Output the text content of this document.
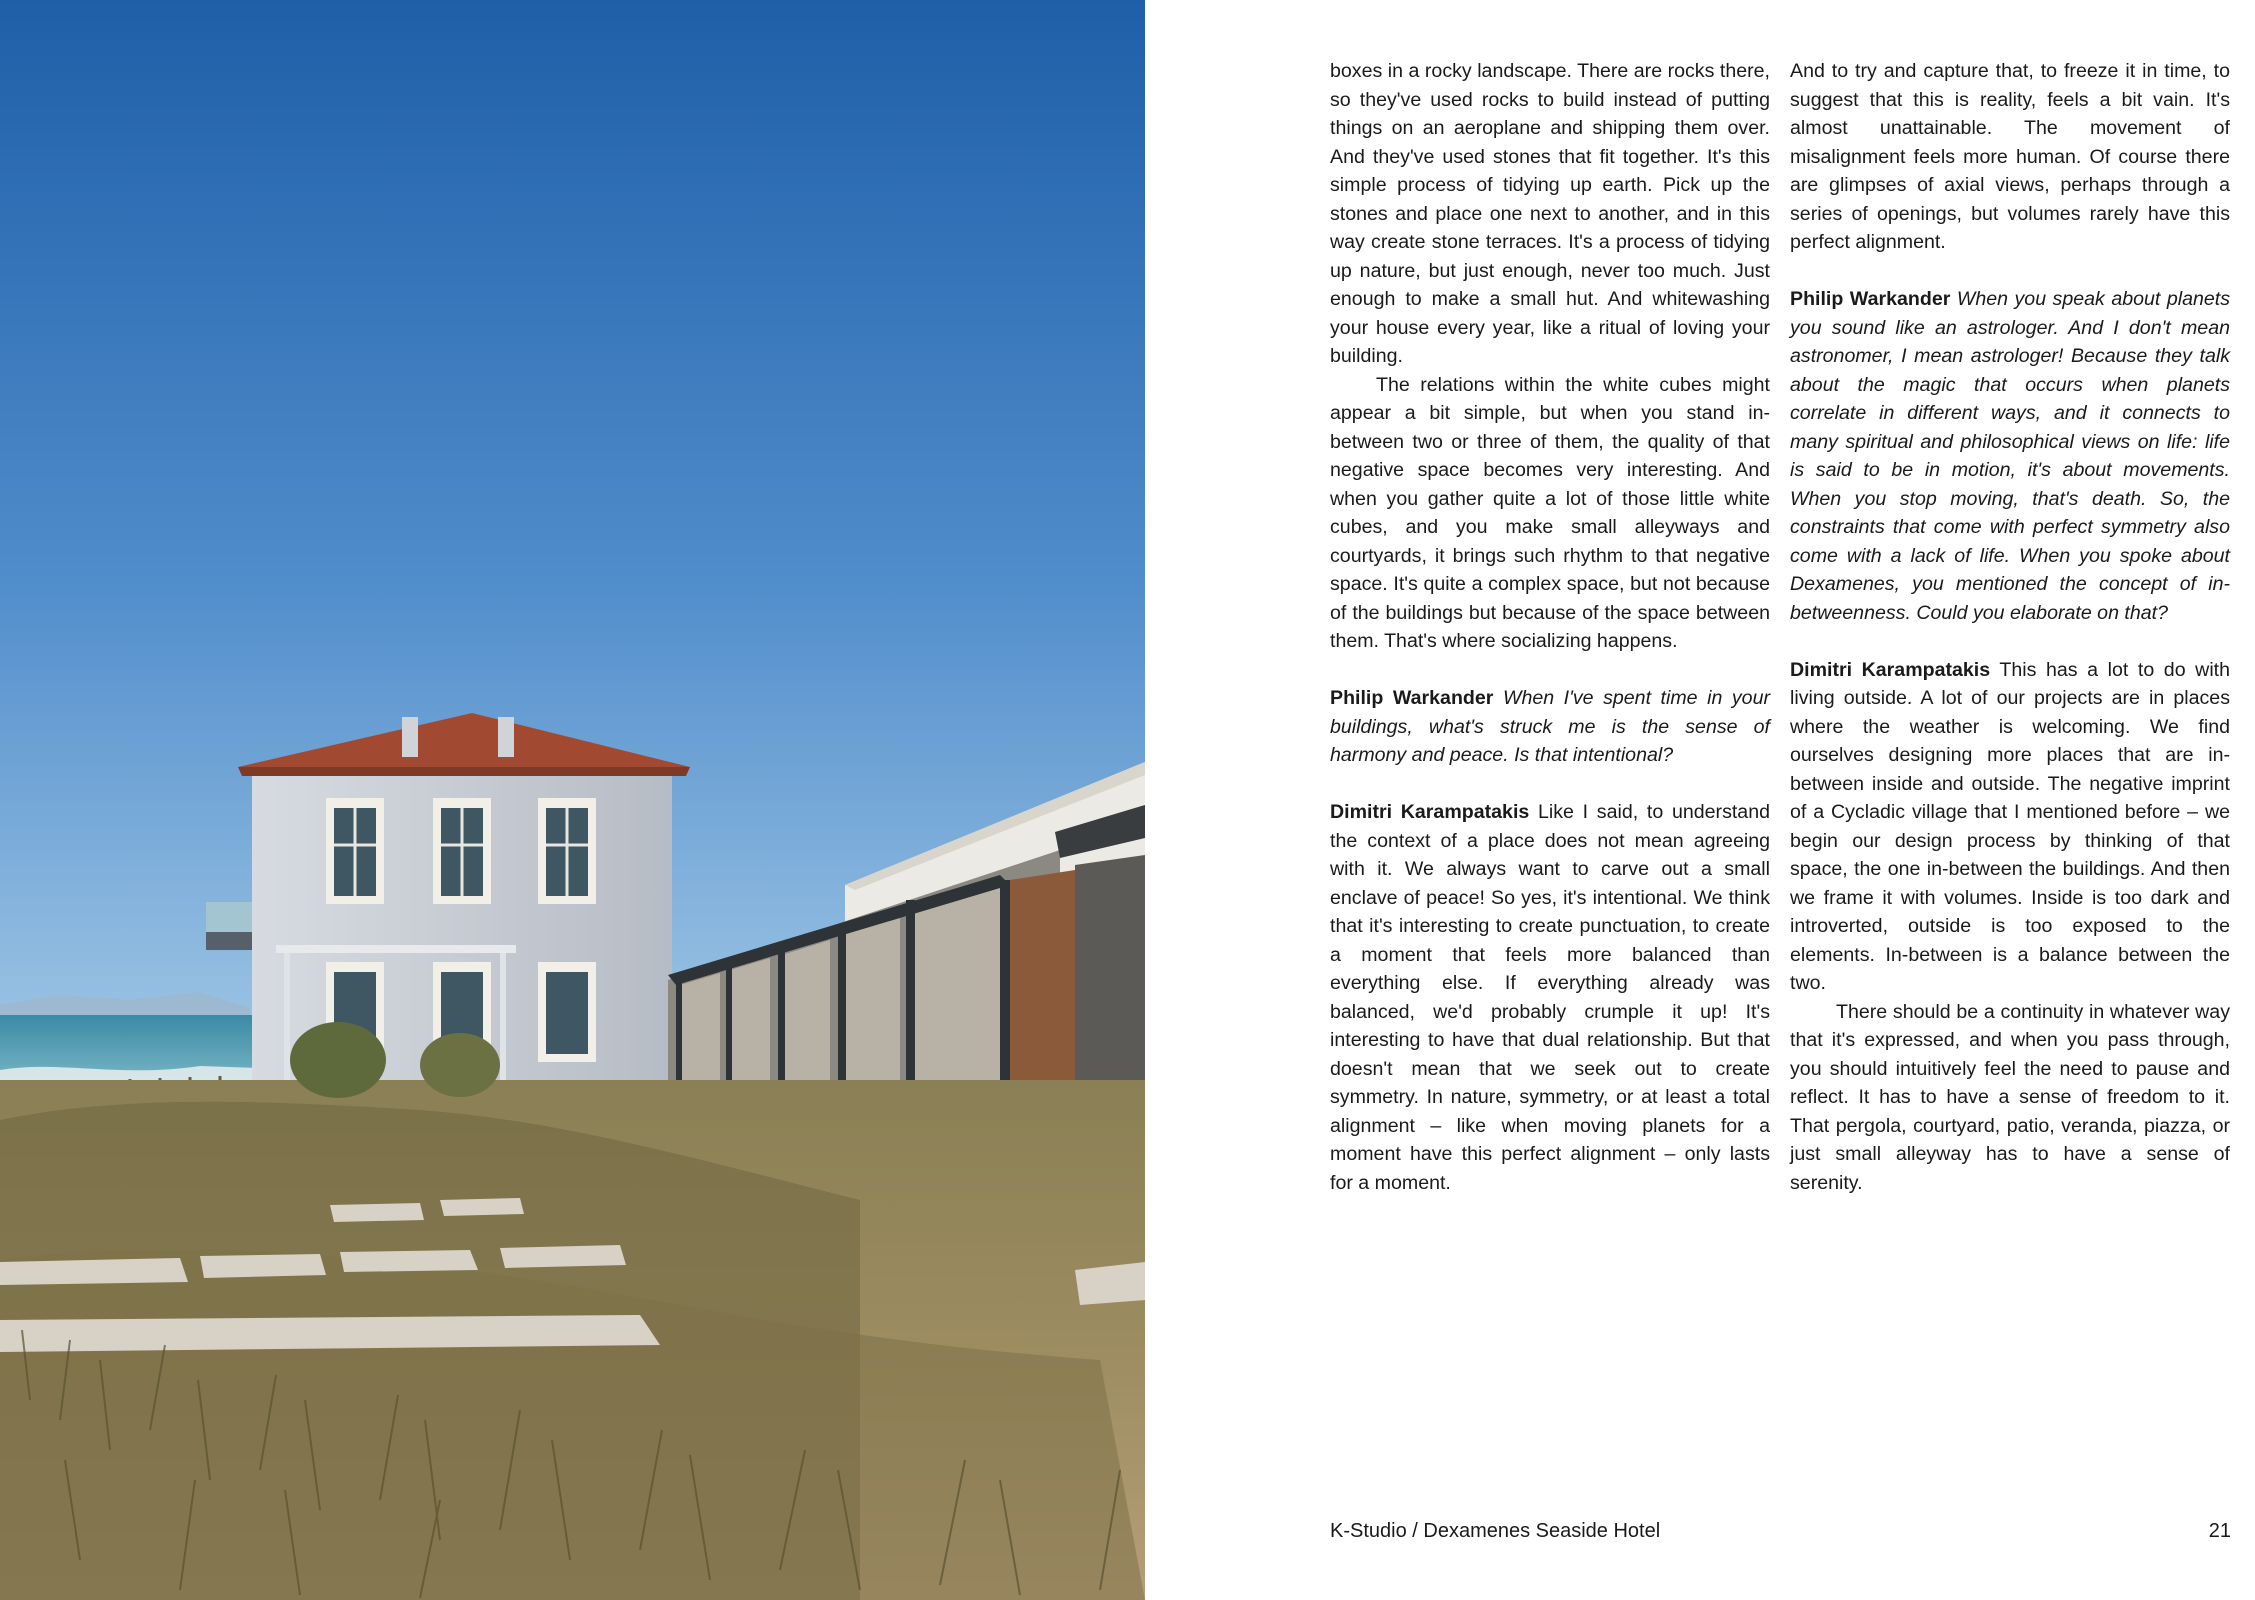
boxes in a rocky landscape. There are rocks there, so they've used rocks to build instead of putting things on an aeroplane and shipping them over. And they've used stones that fit together. It's this simple process of tidying up earth. Pick up the stones and place one next to another, and in this way create stone terraces. It's a process of tidying up nature, but just enough, never too much. Just enough to make a small hut. And whitewashing your house every year, like a ritual of loving your building.

The relations within the white cubes might appear a bit simple, but when you stand in-between two or three of them, the quality of that negative space becomes very interesting. And when you gather quite a lot of those little white cubes, and you make small alleyways and courtyards, it brings such rhythm to that negative space. It's quite a complex space, but not because of the buildings but because of the space between them. That's where socializing happens.

Philip Warkander When I've spent time in your buildings, what's struck me is the sense of harmony and peace. Is that intentional?

Dimitri Karampatakis Like I said, to understand the context of a place does not mean agreeing with it. We always want to carve out a small enclave of peace! So yes, it's intentional. We think that it's interesting to create punctuation, to create a moment that feels more balanced than everything else. If everything already was balanced, we'd probably crumple it up! It's interesting to have that dual relationship. But that doesn't mean that we seek out to create symmetry. In nature, symmetry, or at least a total alignment – like when moving planets for a moment have this perfect alignment – only lasts for a moment.

And to try and capture that, to freeze it in time, to suggest that this is reality, feels a bit vain. It's almost unattainable. The movement of misalignment feels more human. Of course there are glimpses of axial views, perhaps through a series of openings, but volumes rarely have this perfect alignment.

Philip Warkander When you speak about planets you sound like an astrologer. And I don't mean astronomer, I mean astrologer! Because they talk about the magic that occurs when planets correlate in different ways, and it connects to many spiritual and philosophical views on life: life is said to be in motion, it's about movements. When you stop moving, that's death. So, the constraints that come with perfect symmetry also come with a lack of life. When you spoke about Dexamenes, you mentioned the concept of in-betweenness. Could you elaborate on that?

Dimitri Karampatakis This has a lot to do with living outside. A lot of our projects are in places where the weather is welcoming. We find ourselves designing more places that are in-between inside and outside. The negative imprint of a Cycladic village that I mentioned before – we begin our design process by thinking of that space, the one in-between the buildings. And then we frame it with volumes. Inside is too dark and introverted, outside is too exposed to the elements. In-between is a balance between the two.

There should be a continuity in whatever way that it's expressed, and when you pass through, you should intuitively feel the need to pause and reflect. It has to have a sense of freedom to it. That pergola, courtyard, patio, veranda, piazza, or just small alleyway has to have a sense of serenity.

K-Studio / Dexamenes Seaside Hotel	21
